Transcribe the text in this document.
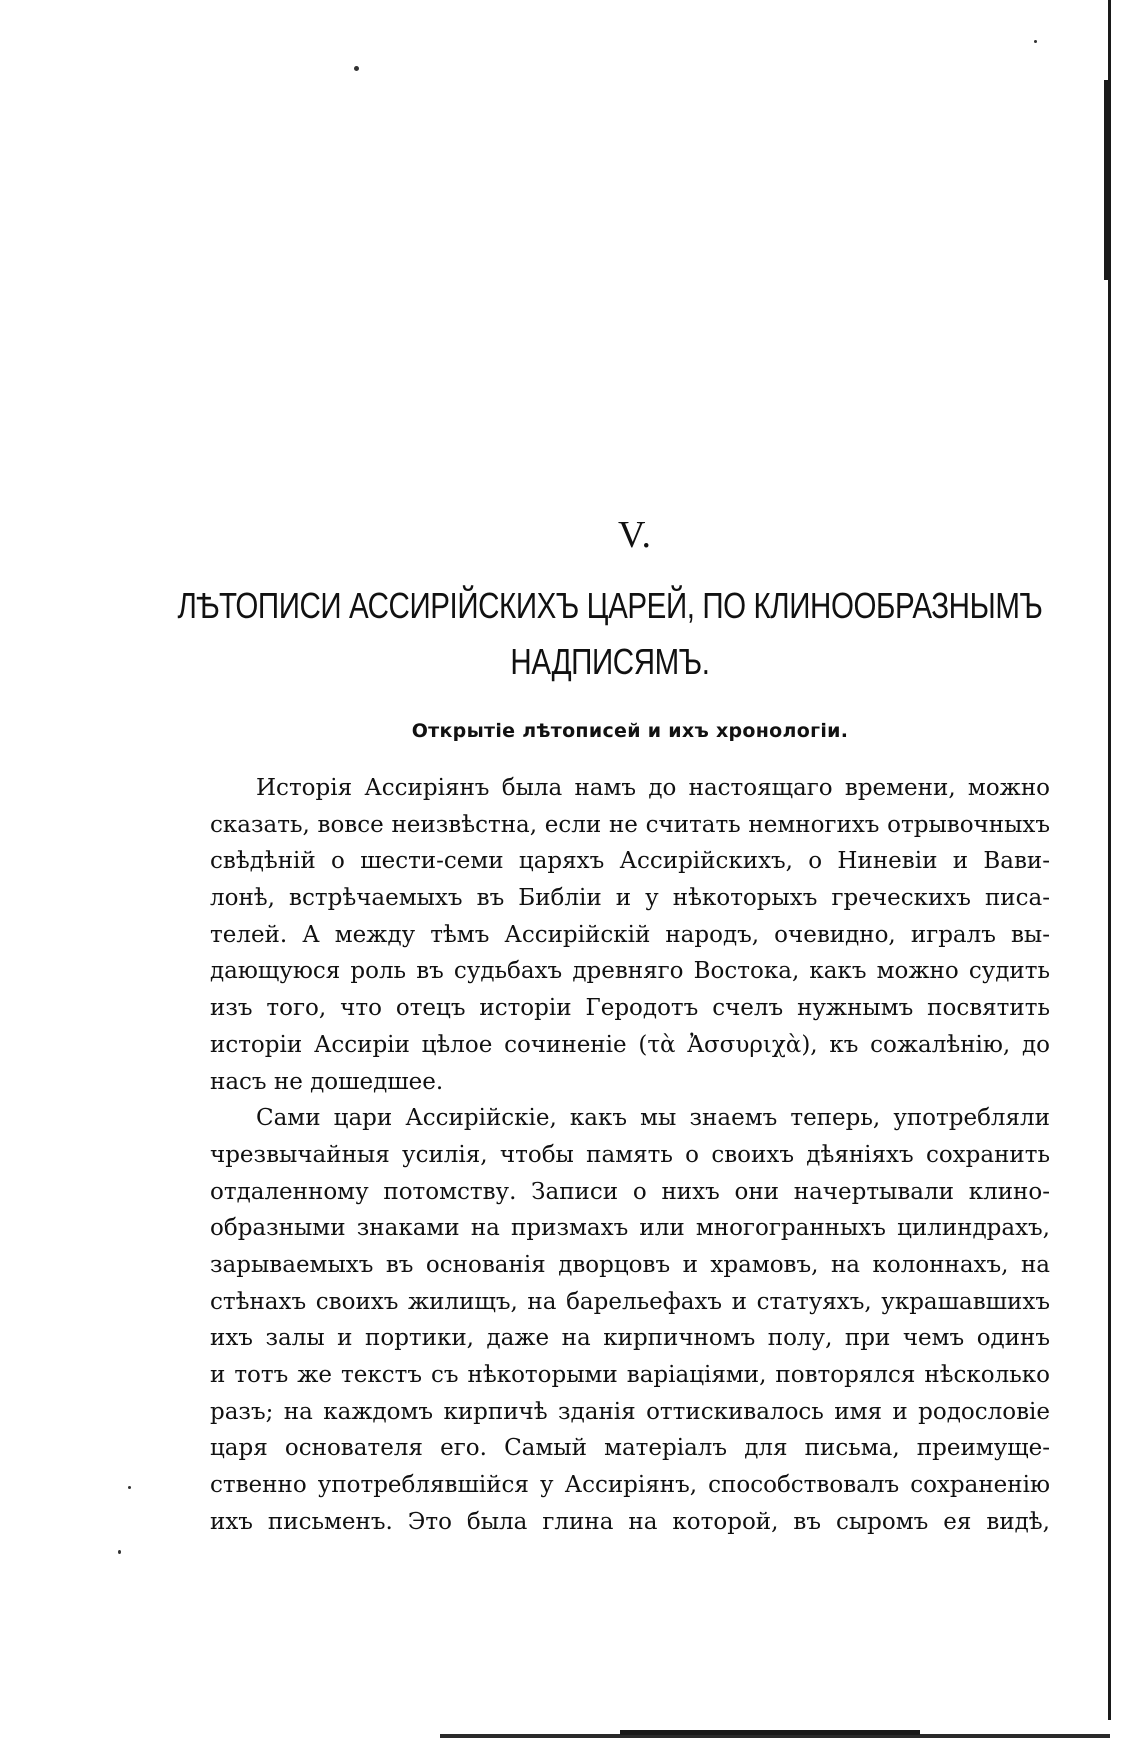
V.
ЛѢТОПИСИ АССИРІЙСКИХЪ ЦАРЕЙ, ПО КЛИНООБРАЗНЫМЪ
НАДПИСЯМЪ.
Открытіе лѣтописей и ихъ хронологіи.
Исторія Ассиріянъ была намъ до настоящаго времени, можно
сказать, вовсе неизвѣстна, если не считать немногихъ отрывочныхъ
свѣдѣній о шести-семи царяхъ Ассирійскихъ, о Ниневіи и Вави-
лонѣ, встрѣчаемыхъ въ Библіи и у нѣкоторыхъ греческихъ писа-
телей. А между тѣмъ Ассирійскій народъ, очевидно, игралъ вы-
дающуюся роль въ судьбахъ древняго Востока, какъ можно судить
изъ того, что отецъ исторіи Геродотъ счелъ нужнымъ посвятить
исторіи Ассиріи цѣлое сочиненіе (τὰ Ἀσσυριχὰ), къ сожалѣнію, до
насъ не дошедшее.
Сами цари Ассирійскіе, какъ мы знаемъ теперь, употребляли
чрезвычайныя усилія, чтобы память о своихъ дѣяніяхъ сохранить
отдаленному потомству. Записи о нихъ они начертывали клино-
образными знаками на призмахъ или многогранныхъ цилиндрахъ,
зарываемыхъ въ основанія дворцовъ и храмовъ, на колоннахъ, на
стѣнахъ своихъ жилищъ, на барельефахъ и статуяхъ, украшавшихъ
ихъ залы и портики, даже на кирпичномъ полу, при чемъ одинъ
и тотъ же текстъ съ нѣкоторыми варіаціями, повторялся нѣсколько
разъ; на каждомъ кирпичѣ зданія оттискивалось имя и родословіе
царя основателя его. Самый матеріалъ для письма, преимуще-
ственно употреблявшійся у Ассиріянъ, способствовалъ сохраненію
ихъ письменъ. Это была глина на которой, въ сыромъ ея видѣ,
